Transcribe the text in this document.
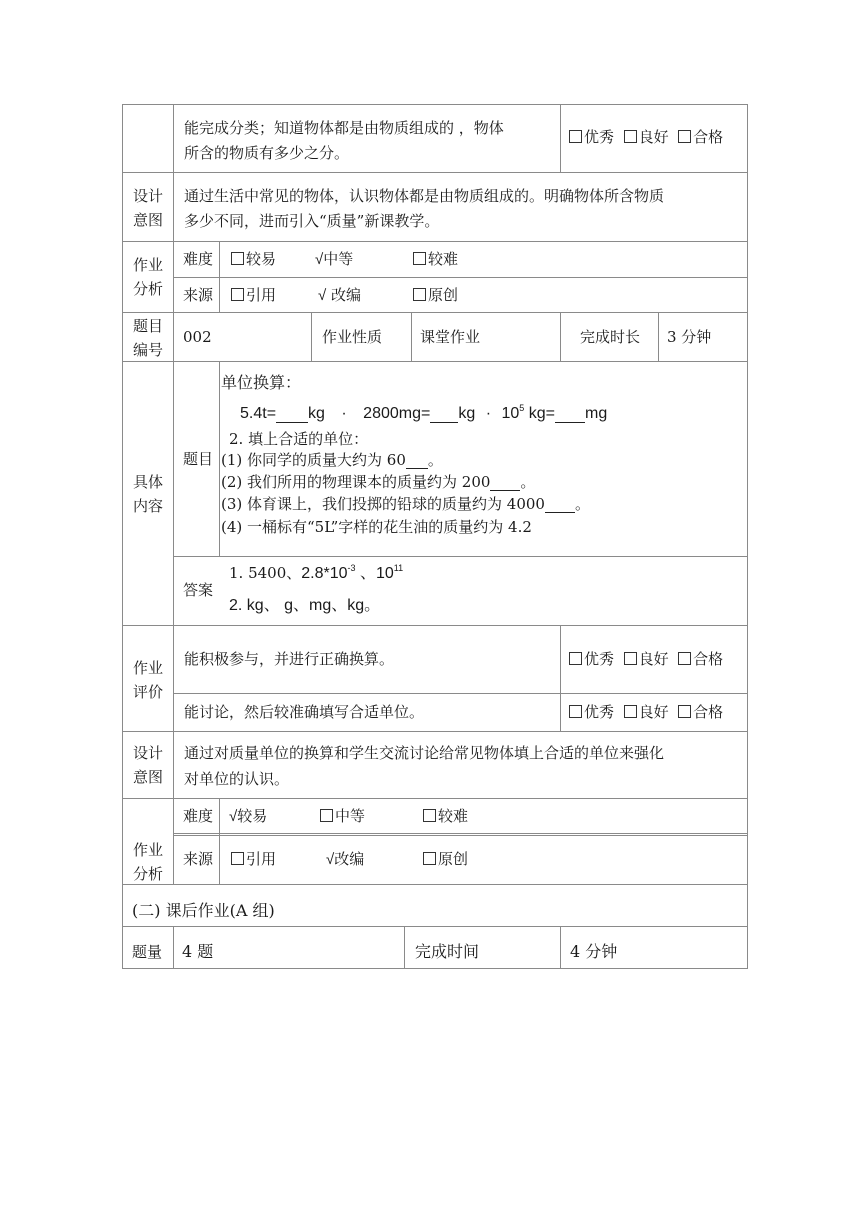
能完成分类；知道物体都是由物质组成的 ，物体
所含的物质有多少之分。
优秀 良好 合格
设计
意图
通过生活中常见的物体，认识物体都是由物质组成的。明确物体所含物质
多少不同，进而引入“质量”新课教学。
作业
分析
难度	较易	√中等	较难
来源	引用	√ 改编	原创
题目
编号
002	作业性质	课堂作业	完成时长 3 分钟
具体
内容
题目
单位换算：
5.4t= kg · 2800mg= kg · $10^5$ kg= mg
2. 填上合适的单位：
(1) 你同学的质量大约为 60 。
(2) 我们所用的物理课本的质量约为 200 。
(3) 体育课上，我们投掷的铅球的质量约为 4000 。
(4) 一桶标有“5L”字样的花生油的质量约为 4.2
答案
1. 5400、$2.8*10^{-3}$ 、$10^{11}$
2. kg、 g、mg、kg。
作业
评价
能积极参与，并进行正确换算。	优秀 良好 合格
能讨论，然后较准确填写合适单位。	优秀 良好 合格
设计
意图
通过对质量单位的换算和学生交流讨论给常见物体填上合适的单位来强化
对单位的认识。
作业
分析
难度 √较易	中等	较难
来源	引用	√改编	原创
(二) 课后作业(A 组)
题量 4 题	完成时间	4 分钟
